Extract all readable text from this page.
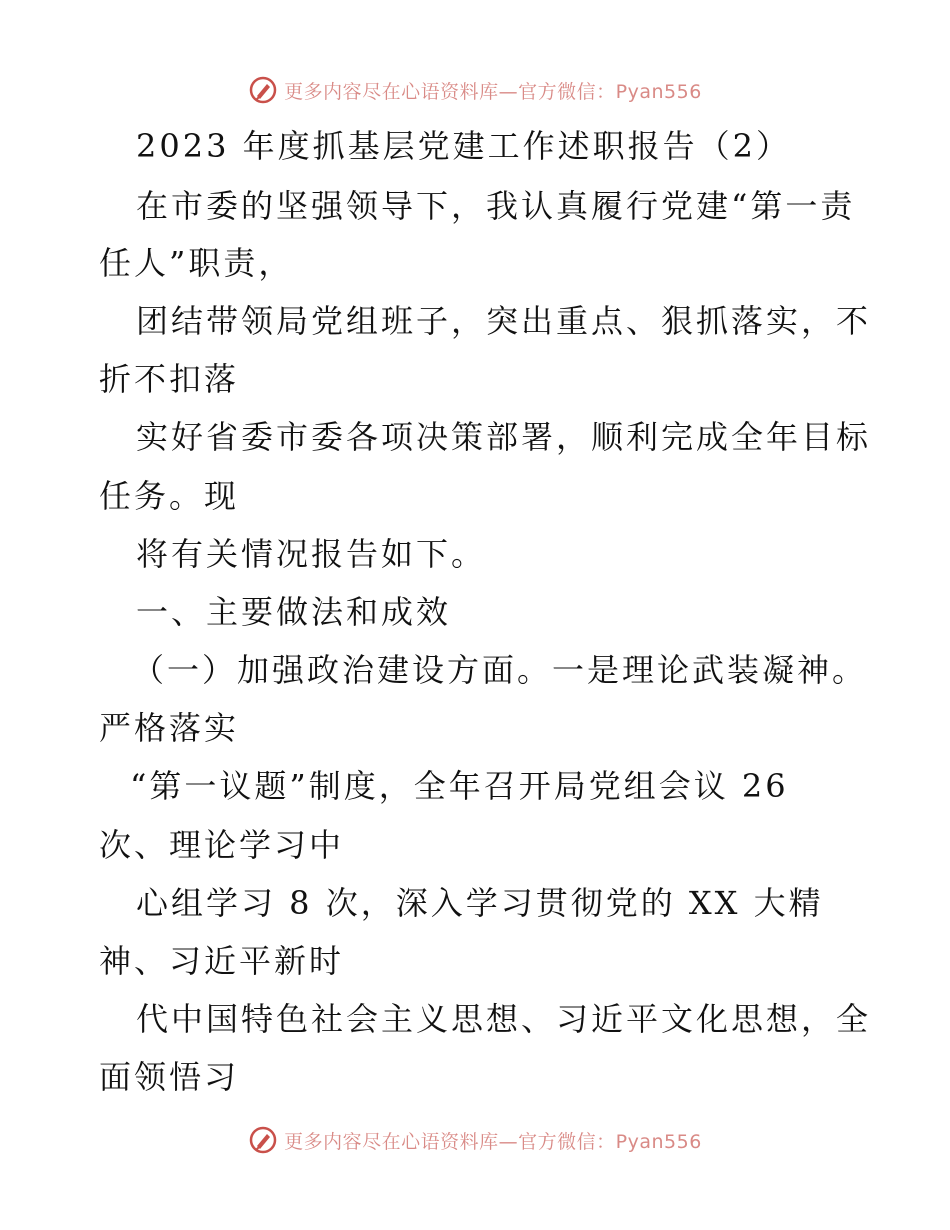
更多内容尽在心语资料库—官方微信：Pyan556
2023 年度抓基层党建工作述职报告（2）
在市委的坚强领导下，我认真履行党建“第一责
任人”职责，
团结带领局党组班子，突出重点、狠抓落实，不
折不扣落
实好省委市委各项决策部署，顺利完成全年目标
任务。现
将有关情况报告如下。
一、主要做法和成效
（一）加强政治建设方面。一是理论武装凝神。
严格落实
“第一议题”制度，全年召开局党组会议 26
次、理论学习中
心组学习 8 次，深入学习贯彻党的 XX 大精
神、习近平新时
代中国特色社会主义思想、习近平文化思想，全
面领悟习
更多内容尽在心语资料库—官方微信：Pyan556
